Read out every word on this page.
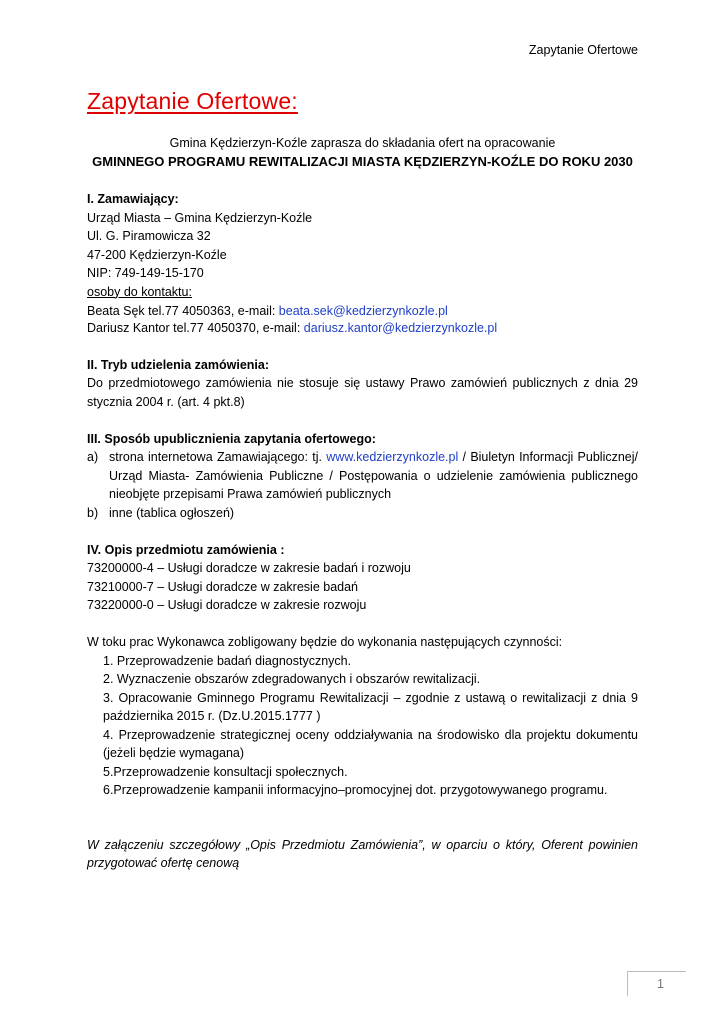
Zapytanie Ofertowe
Zapytanie Ofertowe:
Gmina Kędzierzyn-Koźle zaprasza do składania ofert na opracowanie
GMINNEGO PROGRAMU REWITALIZACJI MIASTA KĘDZIERZYN-KOŹLE DO ROKU 2030
I. Zamawiający:
Urząd Miasta – Gmina Kędzierzyn-Koźle
Ul. G. Piramowicza 32
47-200 Kędzierzyn-Koźle
NIP: 749-149-15-170
osoby do kontaktu:
Beata Sęk tel.77 4050363, e-mail: beata.sek@kedzierzynkozle.pl
Dariusz Kantor tel.77 4050370, e-mail: dariusz.kantor@kedzierzynkozle.pl
II. Tryb udzielenia zamówienia:
Do przedmiotowego zamówienia nie stosuje się ustawy Prawo zamówień publicznych z dnia 29 stycznia 2004 r. (art. 4 pkt.8)
III. Sposób upublicznienia zapytania ofertowego:
a) strona internetowa Zamawiającego: tj. www.kedzierzynkozle.pl / Biuletyn Informacji Publicznej/ Urząd Miasta- Zamówienia Publiczne / Postępowania o udzielenie zamówienia publicznego nieobjęte przepisami Prawa zamówień publicznych
b) inne (tablica ogłoszeń)
IV. Opis przedmiotu zamówienia :
73200000-4 – Usługi doradcze w zakresie badań i rozwoju
73210000-7 – Usługi doradcze w zakresie badań
73220000-0 – Usługi doradcze w zakresie rozwoju
W toku prac Wykonawca zobligowany będzie do wykonania następujących czynności:
1. Przeprowadzenie badań diagnostycznych.
2. Wyznaczenie obszarów zdegradowanych i obszarów rewitalizacji.
3. Opracowanie Gminnego Programu Rewitalizacji – zgodnie z ustawą o rewitalizacji z dnia 9 października 2015 r. (Dz.U.2015.1777 )
4. Przeprowadzenie strategicznej oceny oddziaływania na środowisko dla projektu dokumentu (jeżeli będzie wymagana)
5.Przeprowadzenie konsultacji społecznych.
6.Przeprowadzenie kampanii informacyjno–promocyjnej dot. przygotowywanego programu.
W załączeniu szczegółowy „Opis Przedmiotu Zamówienia”, w oparciu o który, Oferent powinien przygotować ofertę cenową
1
